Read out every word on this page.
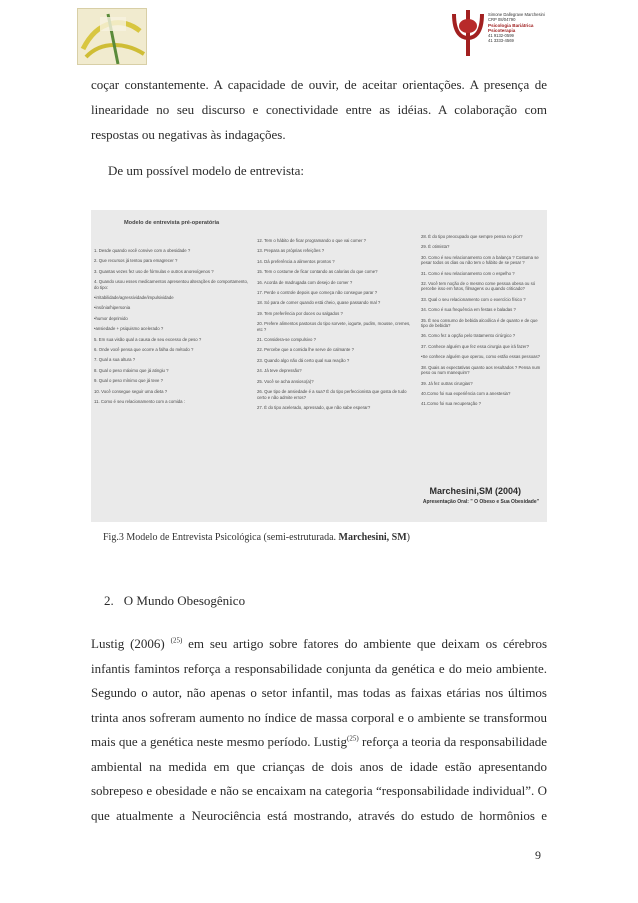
Simone Dallegrave Marchesini
CRP 08/04790
Psicologia Bariátrica
Psicoterapia
41 9132-0599
41 3333-4569
coçar constantemente. A capacidade de ouvir, de aceitar orientações. A presença de
linearidade no seu discurso e conectividade entre as idéias. A colaboração com
respostas ou negativas às indagações.
De um possível modelo de entrevista:
Modelo de entrevista pré-operatória
1. Desde quando você convive com a obesidade ?
2. Que recursos já tentou para emagrecer ?
3. Quantas vezes fez uso de fórmulas e outros anorexígenos ?
4. Quando usou esses medicamentos apresentou alterações de comportamento, do tipo:
•irritabilidade/agressividade/impulsividade
•insônia/hipersonia
•humor deprimido
•ansiedade + psiquismo acelerado ?
5. Em sua visão qual a causa de seu excesso de peso ?
6. Onde você pensa que ocorre a falha do método ?
7. Qual a sua altura ?
8. Qual o peso máximo que já atingiu ?
9. Qual o peso mínimo que já teve ?
10. Você consegue seguir uma dieta ?
11. Como é seu relacionamento com a comida :
12. Tem o hábito de ficar programando o que vai comer ?
13. Prepara as próprias refeições ?
14. Dá preferência a alimentos prontos ?
15. Tem o costume de ficar contando as calorias do que come?
16. Acorda de madrugada com desejo de comer ?
17. Perde o controle depois que começa não consegue parar ?
18. Só para de comer quando está cheio, quase passando mal ?
19. Tem preferência por doces ou salgados ?
20. Prefere alimentos pastosos do tipo sorvete, iogurte, pudim, mousse, cremes, etc ?
21. Considera-se compulsivo ?
22. Percebe que a comida lhe serve de calmante ?
23. Quando algo não dá certo qual sua reação ?
24. Já teve depressão?
25. Você se acha ansioso(a)?
26. Que tipo de ansiedade é a sua? É do tipo perfeccionista que gosta de tudo certo e não admite erros?
27. É do tipo acelerado, apressado, que não sabe esperar?
28. É do tipo preocupado que sempre pensa no pior?
29. É otimista?
30. Como é seu relacionamento com a balança ? Costuma se pesar todos os dias ou não tem o hábito de se pesar ?
31. Como é seu relacionamento com o espelho ?
32. Você tem noção de o mesmo come pessoa obesa ou só percebe isso em fotos, filmagens ou quando criticado?
33. Qual o seu relacionamento com o exercício físico ?
34. Como é sua frequência em festas e baladas ?
35. É seu consumo de bebida alcoólica é de quanto e de que tipo de bebida?
36. Como fez a opção pelo tratamento cirúrgico ?
37. Conhece alguém que fez essa cirurgia que irá fazer?
•Se conhece alguém que operou, como estão essas pessoas?
38. Quais as expectativas quanto aos resultados ? Pensa num peso ou num manequim?
39. Já fez outras cirurgias?
40.Como foi sua experiência com a anestesia?
41.Como foi sua recuperação ?
Marchesini,SM (2004)
Apresentação Oral: " O Obeso e Sua Obesidade"
Fig.3 Modelo de Entrevista Psicológica (semi-estruturada. Marchesini, SM)
2. O Mundo Obesogênico
Lustig (2006) $^{(25)}$ em seu artigo sobre fatores do ambiente que deixam os cérebros
infantis famintos reforça a responsabilidade conjunta da genética e do meio ambiente.
Segundo o autor, não apenas o setor infantil, mas todas as faixas etárias nos últimos
trinta anos sofreram aumento no índice de massa corporal e o ambiente se transformou
mais que a genética neste mesmo período. Lustig$^{(25)}$ reforça a teoria da responsabilidade
ambiental na medida em que crianças de dois anos de idade estão apresentando
sobrepeso e obesidade e não se encaixam na categoria “responsabilidade individual”. O
que atualmente a Neurociência está mostrando, através do estudo de hormônios e
9
